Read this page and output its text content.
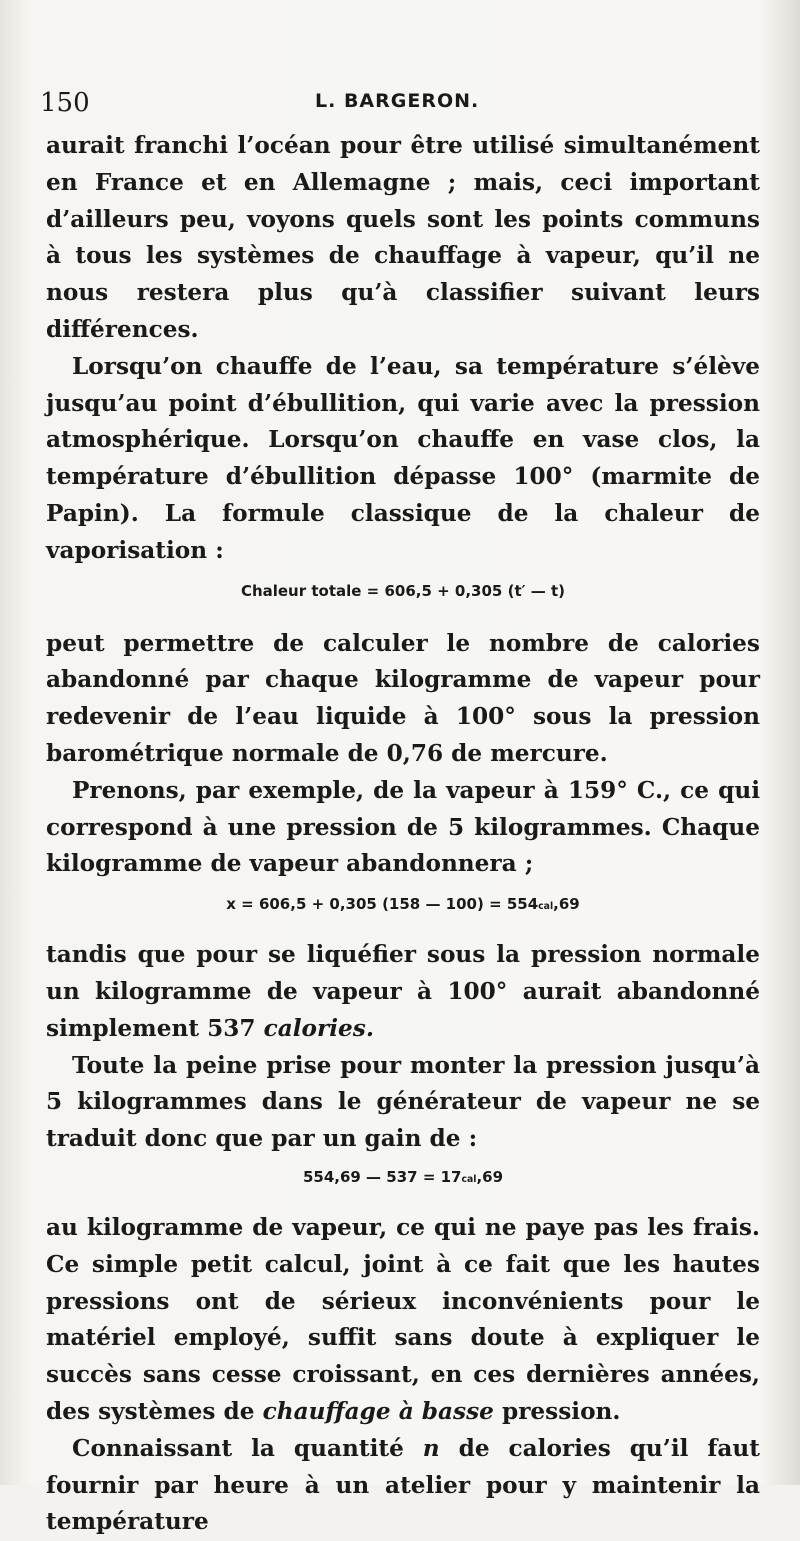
150	L. BARGERON.

aurait franchi l’océan pour être utilisé simultanément en France et en Allemagne ; mais, ceci important d’ailleurs peu, voyons quels sont les points communs à tous les systèmes de chauffage à vapeur, qu’il ne nous restera plus qu’à classifier suivant leurs différences.

Lorsqu’on chauffe de l’eau, sa température s’élève jusqu’au point d’ébullition, qui varie avec la pression atmosphérique. Lorsqu’on chauffe en vase clos, la température d’ébullition dépasse 100° (marmite de Papin). La formule classique de la chaleur de vaporisation :

Chaleur totale = 606,5 + 0,305 (t′ — t)

peut permettre de calculer le nombre de calories abandonné par chaque kilogramme de vapeur pour redevenir de l’eau liquide à 100° sous la pression barométrique normale de 0,76 de mercure.

Prenons, par exemple, de la vapeur à 159° C., ce qui correspond à une pression de 5 kilogrammes. Chaque kilogramme de vapeur abandonnera ;

x = 606,5 + 0,305 (158 — $100) = 554^{cal},69$

tandis que pour se liquéfier sous la pression normale un kilogramme de vapeur à 100° aurait abandonné simplement 537 calories.

Toute la peine prise pour monter la pression jusqu’à 5 kilogrammes dans le générateur de vapeur ne se traduit donc que par un gain de :

554,69 — $537 = 17^{cal},69$

au kilogramme de vapeur, ce qui ne paye pas les frais. Ce simple petit calcul, joint à ce fait que les hautes pressions ont de sérieux inconvénients pour le matériel employé, suffit sans doute à expliquer le succès sans cesse croissant, en ces dernières années, des systèmes de chauffage à basse pression.

Connaissant la quantité n de calories qu’il faut fournir par heure à un atelier pour y maintenir la température
